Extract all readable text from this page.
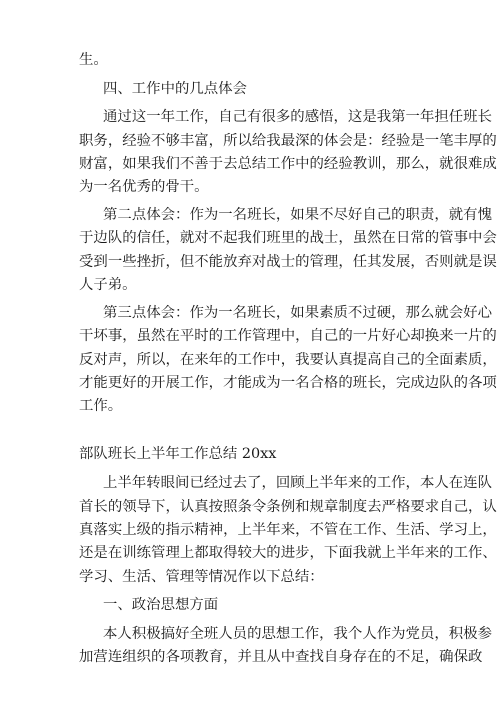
生。
四、工作中的几点体会
通 过 这 一 年 工 作 ， 自 己 有 很 多 的 感 悟 ， 这 是 我 第 一 年 担 任 班 长
职 务 ， 经 验 不 够 丰 富 ， 所 以 给 我 最 深 的 体 会 是 ： 经 验 是 一 笔 丰 厚 的
财 富 ， 如 果 我 们 不 善 于 去 总 结 工 作 中 的 经 验 教 训 ， 那 么 ， 就 很 难 成
为一名优秀的骨干。
第 二 点 体 会 ： 作 为 一 名 班 长 ， 如 果 不 尽 好 自 己 的 职 责 ， 就 有 愧
于 边 队 的 信 任 ， 就 对 不 起 我 们 班 里 的 战 士 ， 虽 然 在 日 常 的 管 事 中 会
受 到 一 些 挫 折 ， 但 不 能 放 弃 对 战 士 的 管 理 ， 任 其 发 展 ， 否 则 就 是 误
人子弟。
第 三 点 体 会 ： 作 为 一 名 班 长 ， 如 果 素 质 不 过 硬 ， 那 么 就 会 好 心
干 坏 事 ， 虽 然 在 平 时 的 工 作 管 理 中 ， 自 己 的 一 片 好 心 却 换 来 一 片 的
反 对 声 ， 所 以 ， 在 来 年 的 工 作 中 ， 我 要 认 真 提 高 自 己 的 全 面 素 质 ，
才 能 更 好 的 开 展 工 作 ， 才 能 成 为 一 名 合 格 的 班 长 ， 完 成 边 队 的 各 项
工作。
部队班长上半年工作总结 20xx
上 半 年 转 眼 间 已 经 过 去 了 ， 回 顾 上 半 年 来 的 工 作 ， 本 人 在 连 队
首 长 的 领 导 下 ， 认 真 按 照 条 令 条 例 和 规 章 制 度 去 严 格 要 求 自 己 ， 认
真 落 实 上 级 的 指 示 精 神 ， 上 半 年 来 ， 不 管 在 工 作 、 生 活 、 学 习 上 ，
还 是 在 训 练 管 理 上 都 取 得 较 大 的 进 步 ， 下 面 我 就 上 半 年 来 的 工 作 、
学习、生活、管理等情况作以下总结：
一、政治思想方面
本 人 积 极 搞 好 全 班 人 员 的 思 想 工 作 ， 我 个 人 作 为 党 员 ， 积 极 参
加 营 连 组 织 的 各 项 教 育 ， 并 且 从 中 查 找 自 身 存 在 的 不 足 ， 确 保 政
